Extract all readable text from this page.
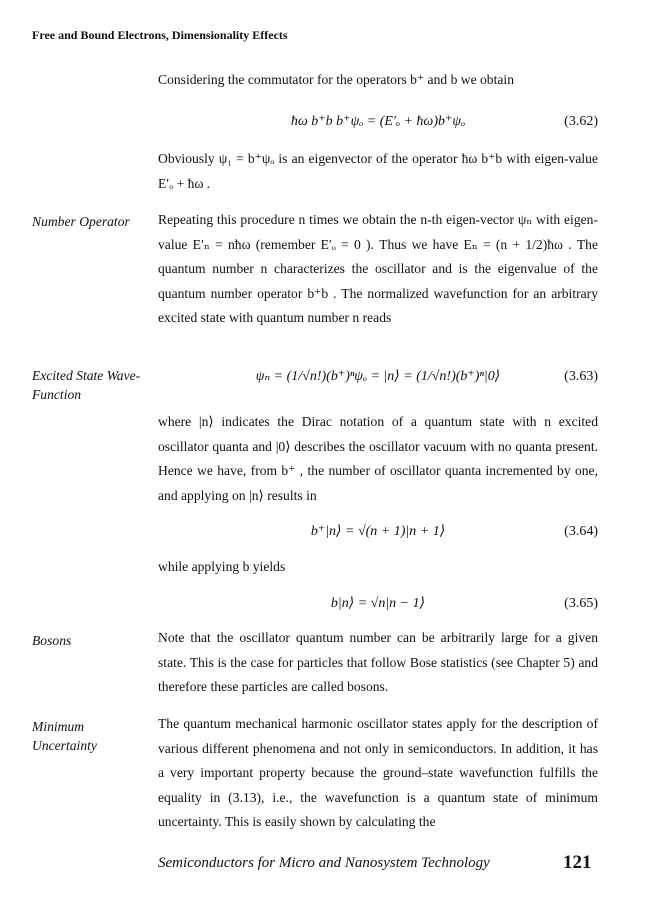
Free and Bound Electrons, Dimensionality Effects
Considering the commutator for the operators b⁺ and b we obtain
ħω b⁺b b⁺ψₒ = (E′ₒ + ħω)b⁺ψₒ	(3.62)
Obviously ψ₁ = b⁺ψₒ is an eigenvector of the operator ħω b⁺b with eigen-value E′ₒ + ħω .
Number Operator	Repeating this procedure n times we obtain the n-th eigen-vector ψₙ with eigen-value E′ₙ = nħω (remember E′ₒ = 0 ). Thus we have Eₙ = (n + 1/2)ħω . The quantum number n characterizes the oscillator and is the eigenvalue of the quantum number operator b⁺b . The normalized wavefunction for an arbitrary excited state with quantum number n reads
Excited State Wave-Function
ψₙ = (1/√n!)(b⁺)ⁿψₒ = |n⟩ = (1/√n!)(b⁺)ⁿ|0⟩	(3.63)
where |n⟩ indicates the Dirac notation of a quantum state with n excited oscillator quanta and |0⟩ describes the oscillator vacuum with no quanta present. Hence we have, from b⁺ , the number of oscillator quanta incremented by one, and applying on |n⟩ results in
b⁺|n⟩ = √(n + 1)|n + 1⟩	(3.64)
while applying b yields
b|n⟩ = √n|n − 1⟩	(3.65)
Bosons	Note that the oscillator quantum number can be arbitrarily large for a given state. This is the case for particles that follow Bose statistics (see Chapter 5) and therefore these particles are called bosons.
Minimum Uncertainty
The quantum mechanical harmonic oscillator states apply for the description of various different phenomena and not only in semiconductors. In addition, it has a very important property because the ground–state wavefunction fulfills the equality in (3.13), i.e., the wavefunction is a quantum state of minimum uncertainty. This is easily shown by calculating the
Semiconductors for Micro and Nanosystem Technology	121
